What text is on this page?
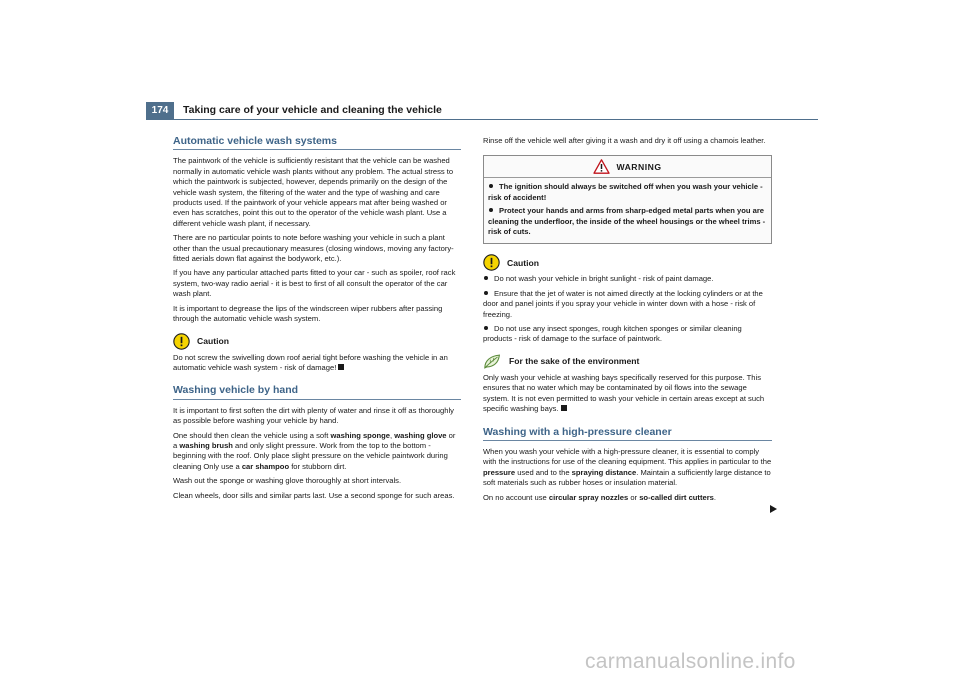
174	Taking care of your vehicle and cleaning the vehicle
Automatic vehicle wash systems

The paintwork of the vehicle is sufficiently resistant that the vehicle can be washed normally in automatic vehicle wash plants without any problem. The actual stress to which the paintwork is subjected, however, depends primarily on the design of the vehicle wash system, the filtering of the water and the type of washing and care products used. If the paintwork of your vehicle appears mat after being washed or even has scratches, point this out to the operator of the vehicle wash plant. Use a different vehicle wash plant, if necessary.

There are no particular points to note before washing your vehicle in such a plant other than the usual precautionary measures (closing windows, moving any factory-fitted aerials down flat against the bodywork, etc.).

If you have any particular attached parts fitted to your car - such as spoiler, roof rack system, two-way radio aerial - it is best to first of all consult the operator of the car wash plant.

It is important to degrease the lips of the windscreen wiper rubbers after passing through the automatic vehicle wash system.

Caution

Do not screw the swivelling down roof aerial tight before washing the vehicle in an automatic vehicle wash system - risk of damage!

Washing vehicle by hand

It is important to first soften the dirt with plenty of water and rinse it off as thoroughly as possible before washing your vehicle by hand.

One should then clean the vehicle using a soft washing sponge, washing glove or a washing brush and only slight pressure. Work from the top to the bottom - beginning with the roof. Only place slight pressure on the vehicle paintwork during cleaning Only use a car shampoo for stubborn dirt.

Wash out the sponge or washing glove thoroughly at short intervals.

Clean wheels, door sills and similar parts last. Use a second sponge for such areas.

Rinse off the vehicle well after giving it a wash and dry it off using a chamois leather.

WARNING

The ignition should always be switched off when you wash your vehicle - risk of accident!

Protect your hands and arms from sharp-edged metal parts when you are cleaning the underfloor, the inside of the wheel housings or the wheel trims - risk of cuts.

Caution

Do not wash your vehicle in bright sunlight - risk of paint damage.

Ensure that the jet of water is not aimed directly at the locking cylinders or at the door and panel joints if you spray your vehicle in winter down with a hose - risk of freezing.

Do not use any insect sponges, rough kitchen sponges or similar cleaning products - risk of damage to the surface of paintwork.

For the sake of the environment

Only wash your vehicle at washing bays specifically reserved for this purpose. This ensures that no water which may be contaminated by oil flows into the sewage system. It is not even permitted to wash your vehicle in certain areas except at such specific washing bays.

Washing with a high-pressure cleaner

When you wash your vehicle with a high-pressure cleaner, it is essential to comply with the instructions for use of the cleaning equipment. This applies in particular to the pressure used and to the spraying distance. Maintain a sufficiently large distance to soft materials such as rubber hoses or insulation material.

On no account use circular spray nozzles or so-called dirt cutters.

carmanualsonline.info
